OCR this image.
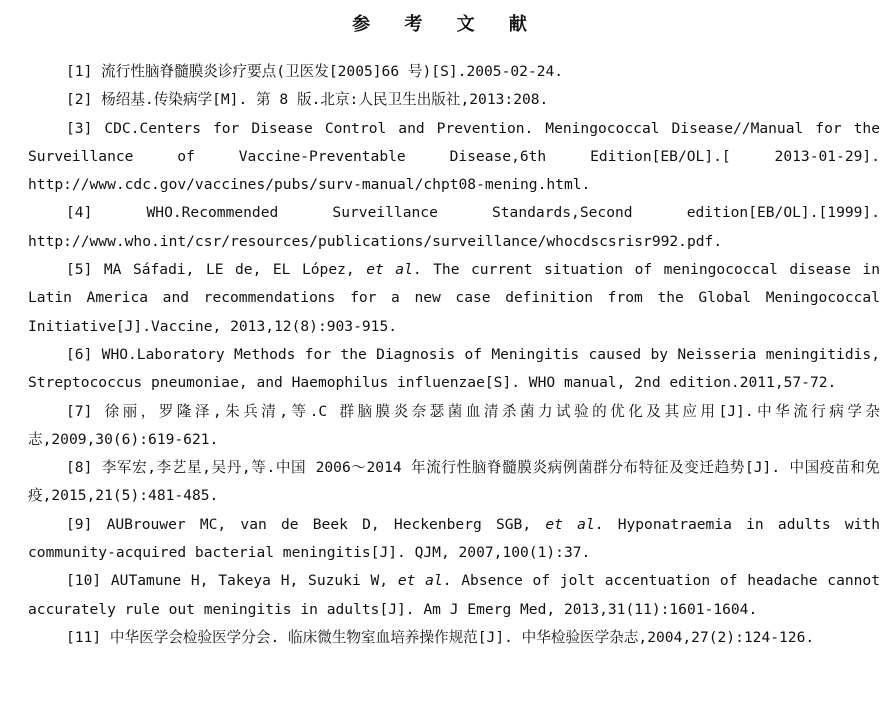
参 考 文 献
[1] 流行性脑脊髓膜炎诊疗要点(卫医发[2005]66 号)[S].2005-02-24.
[2] 杨绍基.传染病学[M]. 第 8 版.北京:人民卫生出版社,2013:208.
[3] CDC.Centers for Disease Control and Prevention. Meningococcal Disease//Manual for the Surveillance of Vaccine-Preventable Disease,6th Edition[EB/OL].[ 2013-01-29]. http://www.cdc.gov/vaccines/pubs/surv-manual/chpt08-mening.html.
[4] WHO.Recommended Surveillance Standards,Second edition[EB/OL].[1999]. http://www.who.int/csr/resources/publications/surveillance/whocdscsrisr992.pdf.
[5] MA Sáfadi, LE de, EL López, et al. The current situation of meningococcal disease in Latin America and recommendations for a new case definition from the Global Meningococcal Initiative[J].Vaccine, 2013,12(8):903-915.
[6] WHO.Laboratory Methods for the Diagnosis of Meningitis caused by Neisseria meningitidis, Streptococcus pneumoniae, and Haemophilus influenzae[S]. WHO manual, 2nd edition.2011,57-72.
[7] 徐丽，罗隆泽,朱兵清,等.C 群脑膜炎奈瑟菌血清杀菌力试验的优化及其应用[J].中华流行病学杂志,2009,30(6):619-621.
[8] 李军宏,李艺星,吴丹,等.中国 2006～2014 年流行性脑脊髓膜炎病例菌群分布特征及变迁趋势[J]. 中国疫苗和免疫,2015,21(5):481-485.
[9] AUBrouwer MC, van de Beek D, Heckenberg SGB, et al. Hyponatraemia in adults with community-acquired bacterial meningitis[J]. QJM, 2007,100(1):37.
[10] AUTamune H, Takeya H, Suzuki W, et al. Absence of jolt accentuation of headache cannot accurately rule out meningitis in adults[J]. Am J Emerg Med, 2013,31(11):1601-1604.
[11] 中华医学会检验医学分会. 临床微生物室血培养操作规范[J]. 中华检验医学杂志,2004,27(2):124-126.
